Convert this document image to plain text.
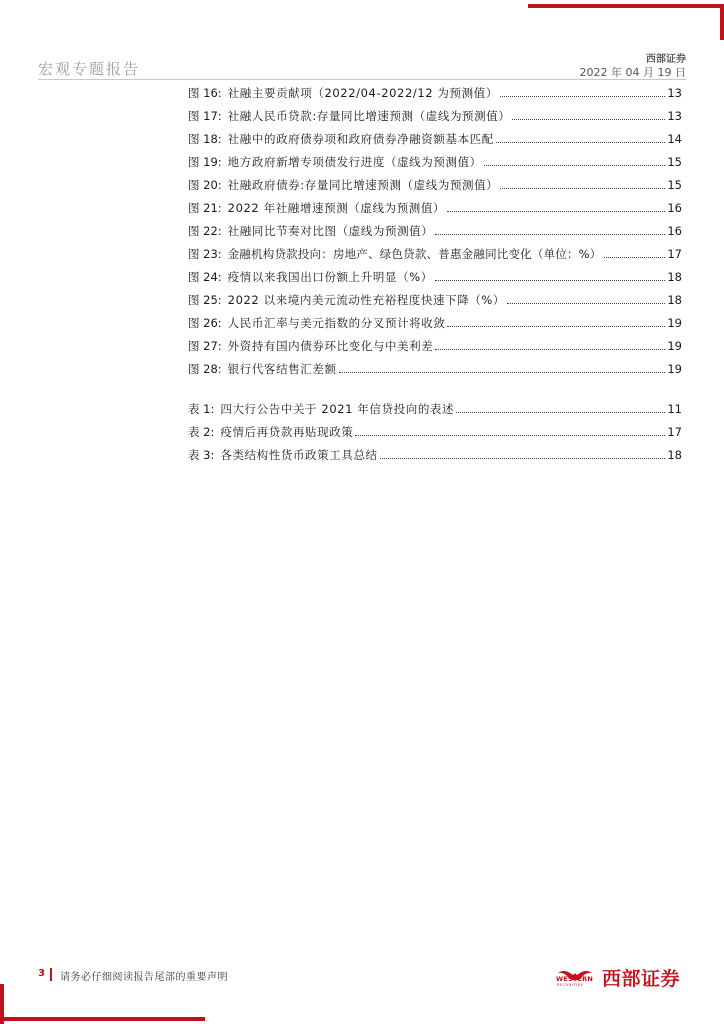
宏观专题报告
西部证券
2022 年 04 月 19 日
图 16: 社融主要贡献项（2022/04-2022/12 为预测值）	13
图 17: 社融人民币贷款:存量同比增速预测（虚线为预测值）	13
图 18: 社融中的政府债券项和政府债券净融资额基本匹配	14
图 19: 地方政府新增专项债发行进度（虚线为预测值）	15
图 20: 社融政府债券:存量同比增速预测（虚线为预测值）	15
图 21: 2022 年社融增速预测（虚线为预测值）	16
图 22: 社融同比节奏对比图（虚线为预测值）	16
图 23: 金融机构贷款投向：房地产、绿色贷款、普惠金融同比变化（单位：%）	17
图 24: 疫情以来我国出口份额上升明显（%）	18
图 25: 2022 以来境内美元流动性充裕程度快速下降（%）	18
图 26: 人民币汇率与美元指数的分叉预计将收敛	19
图 27: 外资持有国内债券环比变化与中美利差	19
图 28: 银行代客结售汇差额	19
表 1: 四大行公告中关于 2021 年信贷投向的表述	11
表 2: 疫情后再贷款再贴现政策	17
表 3: 各类结构性货币政策工具总结	18
3 请务必仔细阅读报告尾部的重要声明	WESTERN
SECURITIES 西部证券
